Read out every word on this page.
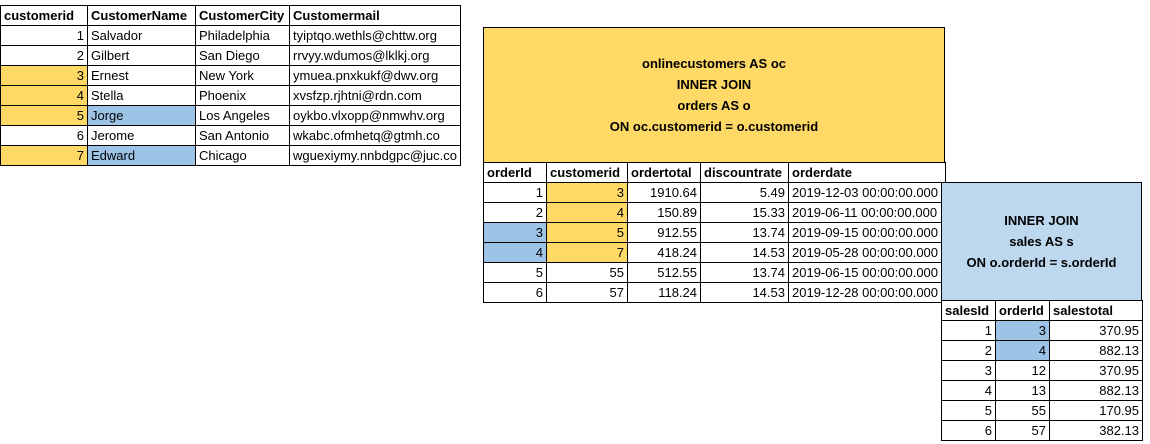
customerid	CustomerName	CustomerCity	Customermail
1	Salvador	Philadelphia	tyiptqo.wethls@chttw.org
2	Gilbert	San Diego	rrvyy.wdumos@lklkj.org
3	Ernest	New York	ymuea.pnxkukf@dwv.org
4	Stella	Phoenix	xvsfzp.rjhtni@rdn.com
5	Jorge	Los Angeles	oykbo.vlxopp@nmwhv.org
6	Jerome	San Antonio	wkabc.ofmhetq@gtmh.co
7	Edward	Chicago	wguexiymy.nnbdgpc@juc.co
onlinecustomers AS oc
INNER JOIN
orders AS o
ON oc.customerid = o.customerid
orderId	customerid	ordertotal	discountrate	orderdate
1	3	1910.64	5.49	2019-12-03 00:00:00.000
2	4	150.89	15.33	2019-06-11 00:00:00.000
3	5	912.55	13.74	2019-09-15 00:00:00.000
4	7	418.24	14.53	2019-05-28 00:00:00.000
5	55	512.55	13.74	2019-06-15 00:00:00.000
6	57	118.24	14.53	2019-12-28 00:00:00.000
INNER JOIN
sales AS s
ON o.orderId = s.orderId
salesId	orderId	salestotal
1	3	370.95
2	4	882.13
3	12	370.95
4	13	882.13
5	55	170.95
6	57	382.13
